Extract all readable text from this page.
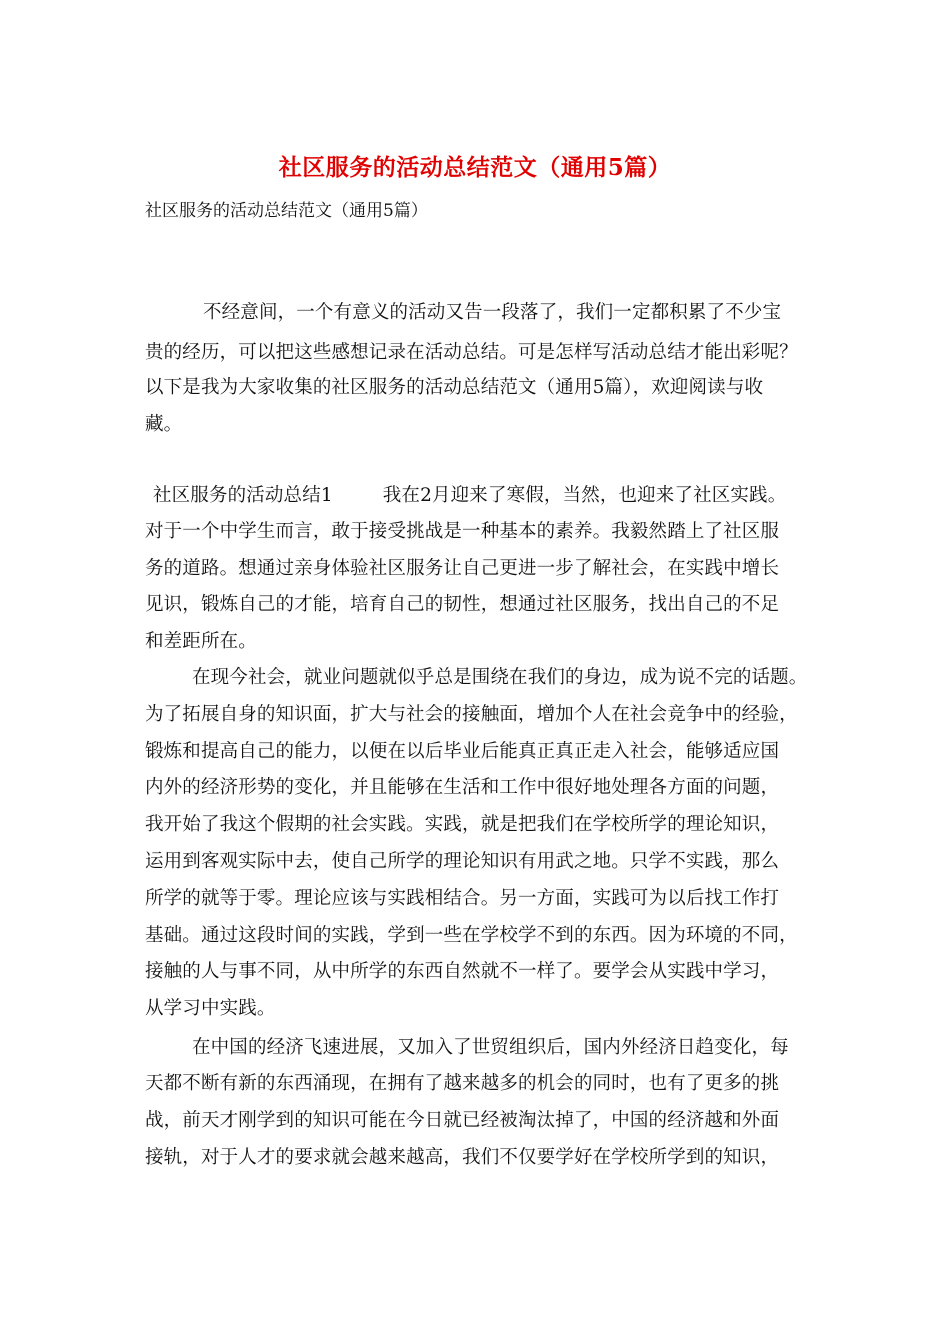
社区服务的活动总结范文（通用5篇）
社区服务的活动总结范文（通用5篇）
不经意间，一个有意义的活动又告一段落了，我们一定都积累了不少宝
贵的经历，可以把这些感想记录在活动总结。可是怎样写活动总结才能出彩呢？
以下是我为大家收集的社区服务的活动总结范文（通用5篇），欢迎阅读与收
藏。
社区服务的活动总结1	我在2月迎来了寒假，当然，也迎来了社区实践。
对于一个中学生而言，敢于接受挑战是一种基本的素养。我毅然踏上了社区服
务的道路。想通过亲身体验社区服务让自己更进一步了解社会，在实践中增长
见识，锻炼自己的才能，培育自己的韧性，想通过社区服务，找出自己的不足
和差距所在。
在现今社会，就业问题就似乎总是围绕在我们的身边，成为说不完的话题。
为了拓展自身的知识面，扩大与社会的接触面，增加个人在社会竞争中的经验，
锻炼和提高自己的能力，以便在以后毕业后能真正真正走入社会，能够适应国
内外的经济形势的变化，并且能够在生活和工作中很好地处理各方面的问题，
我开始了我这个假期的社会实践。实践，就是把我们在学校所学的理论知识，
运用到客观实际中去，使自己所学的理论知识有用武之地。只学不实践，那么
所学的就等于零。理论应该与实践相结合。另一方面，实践可为以后找工作打
基础。通过这段时间的实践，学到一些在学校学不到的东西。因为环境的不同，
接触的人与事不同，从中所学的东西自然就不一样了。要学会从实践中学习，
从学习中实践。
在中国的经济飞速进展，又加入了世贸组织后，国内外经济日趋变化，每
天都不断有新的东西涌现，在拥有了越来越多的机会的同时，也有了更多的挑
战，前天才刚学到的知识可能在今日就已经被淘汰掉了，中国的经济越和外面
接轨，对于人才的要求就会越来越高，我们不仅要学好在学校所学到的知识，
